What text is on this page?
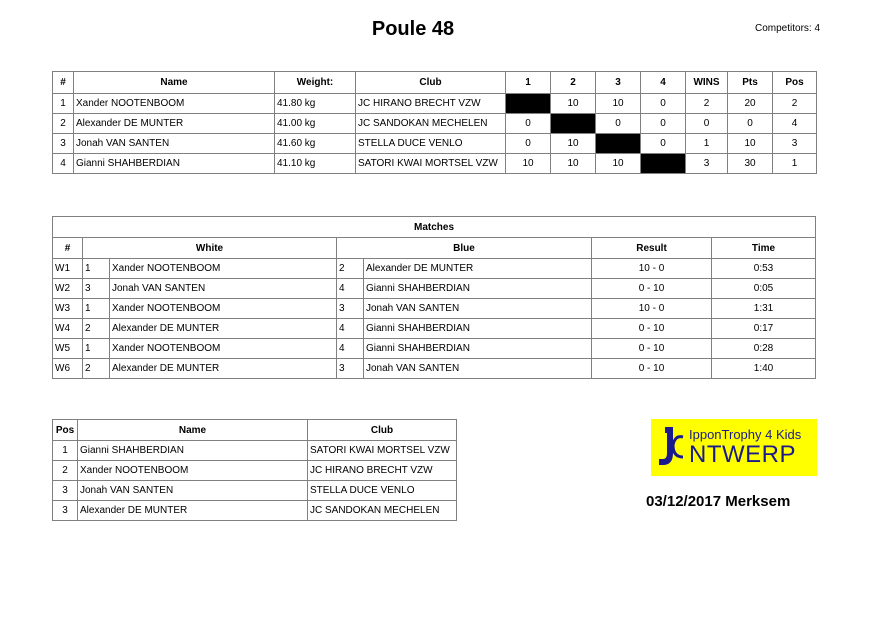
Poule 48	Competitors: 4
#	Name	Weight:	Club	1	2	3	4	WINS	Pts	Pos
1	Xander NOOTENBOOM	41.80 kg	JC HIRANO BRECHT VZW		10	10	0	2	20	2
2	Alexander DE MUNTER	41.00 kg	JC SANDOKAN MECHELEN	0		0	0	0	0	4
3	Jonah VAN SANTEN	41.60 kg	STELLA DUCE VENLO	0	10		0	1	10	3
4	Gianni SHAHBERDIAN	41.10 kg	SATORI KWAI MORTSEL VZW	10	10	10		3	30	1
Matches						
#	White		Blue		Result	Time
W1	1	Xander NOOTENBOOM	2	Alexander DE MUNTER	10 - 0	0:53
W2	3	Jonah VAN SANTEN	4	Gianni SHAHBERDIAN	0 - 10	0:05
W3	1	Xander NOOTENBOOM	3	Jonah VAN SANTEN	10 - 0	1:31
W4	2	Alexander DE MUNTER	4	Gianni SHAHBERDIAN	0 - 10	0:17
W5	1	Xander NOOTENBOOM	4	Gianni SHAHBERDIAN	0 - 10	0:28
W6	2	Alexander DE MUNTER	3	Jonah VAN SANTEN	0 - 10	1:40
Pos	Name	Club
1	Gianni SHAHBERDIAN	SATORI KWAI MORTSEL VZW
2	Xander NOOTENBOOM	JC HIRANO BRECHT VZW
3	Jonah VAN SANTEN	STELLA DUCE VENLO
3	Alexander DE MUNTER	JC SANDOKAN MECHELEN
IpponTrophy 4 Kids
NTWERP
03/12/2017 Merksem
